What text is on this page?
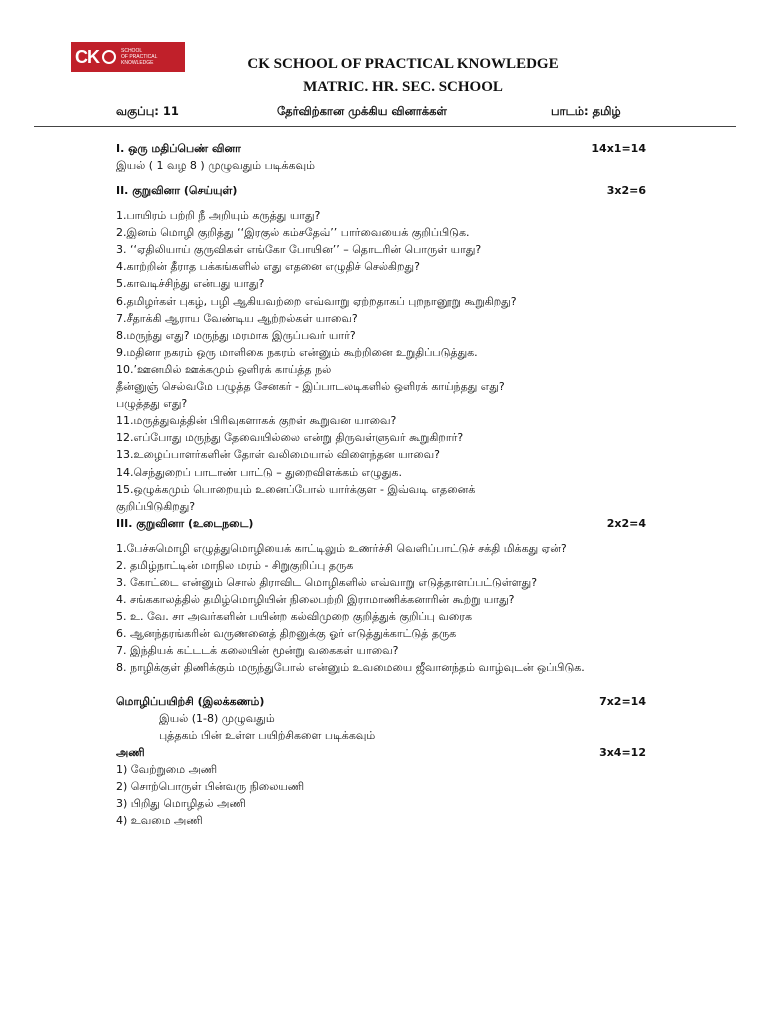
CK	SCHOOL
OF PRACTICAL
KNOWLEDGE	CK SCHOOL OF PRACTICAL KNOWLEDGE
MATRIC. HR. SEC. SCHOOL
வகுப்பு: 11	தேர்விற்கான முக்கிய வினாக்கள்	பாடம்: தமிழ்
I. ஒரு மதிப்பெண் வினா	14x1=14

இயல் ( 1 வழ 8 ) முழுவதும் படிக்கவும்

II. குறுவினா (செய்யுள்)	3x2=6

1.பாயிரம் பற்றி நீ அறியும் கருத்து யாது?

2.இனம் மொழி குறித்து ‘‘இரகுல் கம்சதேவ்’’ பார்வையைக் குறிப்பிடுக.

3. ‘‘ஏதிலியாய் குருவிகள் எங்கோ போயின’’ – தொடரின் பொருள் யாது?

4.காற்றின் தீராத பக்கங்களில் எது எதனை எழுதிச் செல்கிறது?

5.காவடிச்சிந்து என்பது யாது?

6.தமிழர்கள் புகழ், பழி ஆகியவற்றை எவ்வாறு ஏற்றதாகப் புறநானூறு கூறுகிறது?

7.சீதாக்கி ஆராய வேண்டிய ஆற்றல்கள் யாவை?

8.மருந்து எது? மருந்து மரமாக இருப்பவர் யார்?

9.மதினா நகரம் ஒரு மாளிகை நகரம் என்னும் கூற்றினை உறுதிப்படுத்துக.

10.’ஊனமில் ஊக்கமும் ஒளிரக் காய்த்த நல்

தீன்னுஞ் செல்வமே பழுத்த சேனகர் - இப்பாடலடிகளில் ஒளிரக் காய்ந்தது எது?

பழுத்தது எது?

11.மருத்துவத்தின் பிரிவுகளாகக் குறள் கூறுவன யாவை?

12.எப்போது மருந்து தேவையில்லை என்று திருவள்ளுவர் கூறுகிறார்?

13.உழைப்பாளர்களின் தோள் வலிமையால் விளைந்தன யாவை?

14.செந்துறைப் பாடாண் பாட்டு – துறைவிளக்கம் எழுதுக.

15.ஒழுக்கமும் பொறையும் உனைப்போல் யார்க்குள - இவ்வடி எதனைக்

குறிப்பிடுகிறது?

III. குறுவினா (உடைநடை)	2x2=4

1.பேச்சுமொழி எழுத்துமொழியைக் காட்டிலும் உணர்ச்சி வெளிப்பாட்டுச் சக்தி மிக்கது ஏன்?

2. தமிழ்நாட்டின் மாநில மரம் - சிறுகுறிப்பு தருக

3. கோட்டை என்னும் சொல் திராவிட மொழிகளில் எவ்வாறு எடுத்தாளப்பட்டுள்ளது?

4. சங்ககாலத்தில் தமிழ்மொழியின் நிலைபற்றி இராமாணிக்கனாரின் கூற்று யாது?

5. உ. வே. சா அவர்களின் பயின்ற கல்விமுறை குறித்துக் குறிப்பு வரைக

6. ஆனந்தரங்கரின் வருணனைத் திறனுக்கு ஓர் எடுத்துக்காட்டுத் தருக

7. இந்தியக் கட்டடக் கலையின் மூன்று வகைகள் யாவை?

8. நாழிக்குள் திணிக்கும் மருந்துபோல் என்னும் உவமையை ஜீவானந்தம் வாழ்வுடன் ஒப்பிடுக.

மொழிப்பயிற்சி (இலக்கணம்)	7x2=14

இயல் (1-8) முழுவதும்

புத்தகம் பின் உள்ள பயிற்சிகளை படிக்கவும்

அணி	3x4=12

1) வேற்றுமை அணி

2) சொற்பொருள் பின்வரு நிலையணி

3) பிறிது மொழிதல் அணி

4) உவமை அணி
